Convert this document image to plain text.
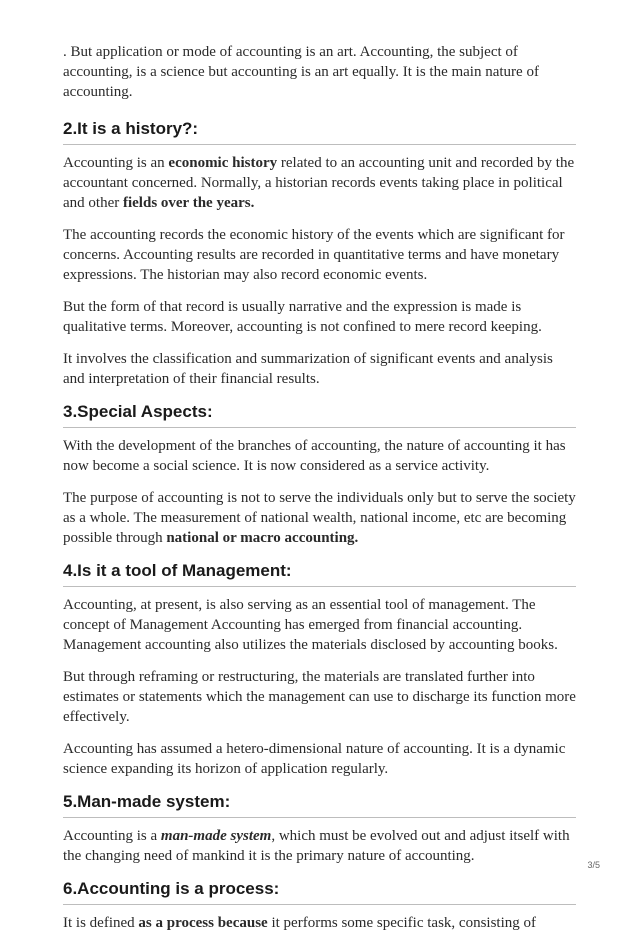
. But application or mode of accounting is an art. Accounting, the subject of accounting, is a science but accounting is an art equally. It is the main nature of accounting.

2.It is a history?:

Accounting is an economic history related to an accounting unit and recorded by the accountant concerned. Normally, a historian records events taking place in political and other fields over the years.

The accounting records the economic history of the events which are significant for concerns. Accounting results are recorded in quantitative terms and have monetary expressions. The historian may also record economic events.

But the form of that record is usually narrative and the expression is made is qualitative terms. Moreover, accounting is not confined to mere record keeping.

It involves the classification and summarization of significant events and analysis and interpretation of their financial results.

3.Special Aspects:

With the development of the branches of accounting, the nature of accounting it has now become a social science. It is now considered as a service activity.

The purpose of accounting is not to serve the individuals only but to serve the society as a whole. The measurement of national wealth, national income, etc are becoming possible through national or macro accounting.

4.Is it a tool of Management:

Accounting, at present, is also serving as an essential tool of management. The concept of Management Accounting has emerged from financial accounting. Management accounting also utilizes the materials disclosed by accounting books.

But through reframing or restructuring, the materials are translated further into estimates or statements which the management can use to discharge its function more effectively.

Accounting has assumed a hetero-dimensional nature of accounting. It is a dynamic science expanding its horizon of application regularly.

5.Man-made system:

Accounting is a man-made system, which must be evolved out and adjust itself with the changing need of mankind it is the primary nature of accounting.

6.Accounting is a process:

It is defined as a process because it performs some specific task, consisting of

3/5
